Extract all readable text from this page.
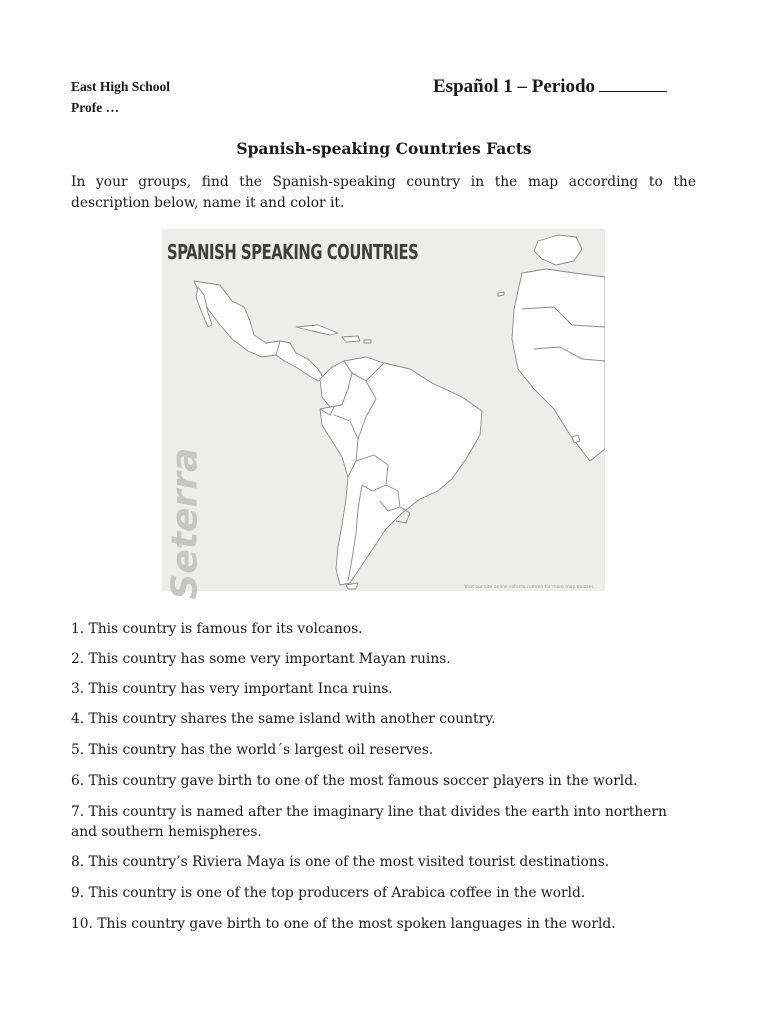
East High School
Profe …
Español 1 – Periodo
Spanish-speaking Countries Facts
In your groups, find the Spanish-speaking country in the map according to the description below, name it and color it.
SPANISH SPEAKING COUNTRIES
Seterra	Visit our site online.seterra.com/en for more map quizzes.
1. This country is famous for its volcanos.
2. This country has some very important Mayan ruins.
3. This country has very important Inca ruins.
4. This country shares the same island with another country.
5. This country has the world´s largest oil reserves.
6. This country gave birth to one of the most famous soccer players in the world.
7. This country is named after the imaginary line that divides the earth into northern and southern hemispheres.
8. This country’s Riviera Maya is one of the most visited tourist destinations.
9. This country is one of the top producers of Arabica coffee in the world.
10. This country gave birth to one of the most spoken languages in the world.
